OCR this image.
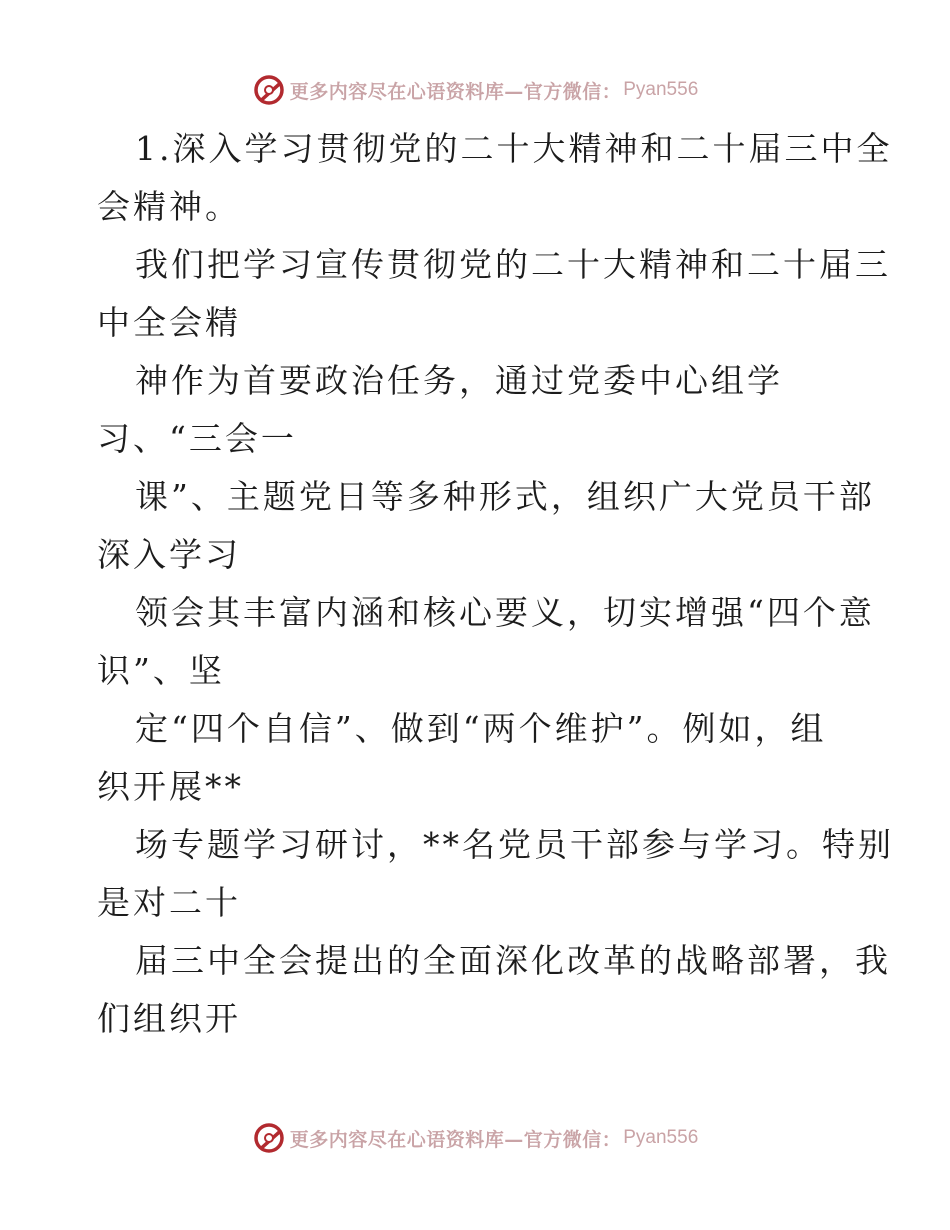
更多内容尽在心语资料库—官方微信： Pyan556
1.深入学习贯彻党的二十大精神和二十届三中全
会精神。
我们把学习宣传贯彻党的二十大精神和二十届三
中全会精
神作为首要政治任务，通过党委中心组学
习、“三会一
课”、主题党日等多种形式，组织广大党员干部
深入学习
领会其丰富内涵和核心要义，切实增强“四个意
识”、坚
定“四个自信”、做到“两个维护”。例如，组
织开展**
场专题学习研讨，**名党员干部参与学习。特别
是对二十
届三中全会提出的全面深化改革的战略部署，我
们组织开
更多内容尽在心语资料库—官方微信： Pyan556
